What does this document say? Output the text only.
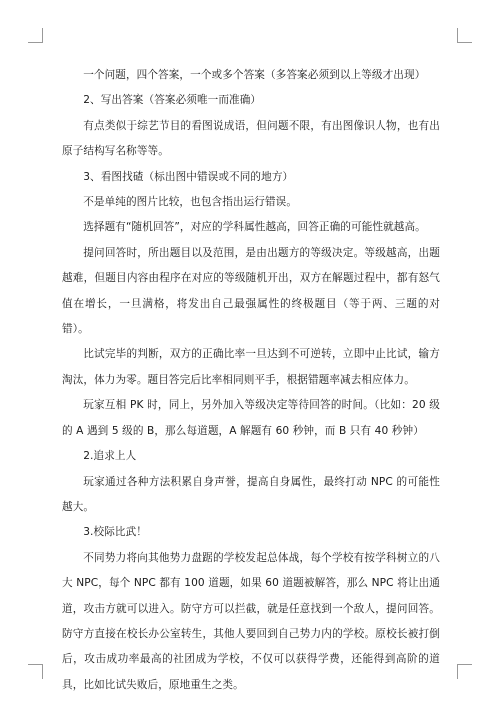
一个问题，四个答案，一个或多个答案（多答案必须到以上等级才出现）

2、写出答案（答案必须唯一而准确）

有点类似于综艺节目的看图说成语，但问题不限，有出图像识人物，也有出原子结构写名称等等。

3、看图找碴（标出图中错误或不同的地方）

不是单纯的图片比较，也包含指出运行错误。

选择题有“随机回答”，对应的学科属性越高，回答正确的可能性就越高。

提问回答时，所出题目以及范围，是由出题方的等级决定。等级越高，出题越难，但题目内容由程序在对应的等级随机开出，双方在解题过程中，都有怒气值在增长，一旦满格，将发出自己最强属性的终极题目（等于两、三题的对错）。

比试完毕的判断，双方的正确比率一旦达到不可逆转，立即中止比试，输方淘汰，体力为零。题目答完后比率相同则平手，根据错题率减去相应体力。

玩家互相 PK 时，同上，另外加入等级决定等待回答的时间。（比如：20 级的 A 遇到 5 级的 B，那么每道题，A 解题有 60 秒钟，而 B 只有 40 秒钟）

2.追求上人

玩家通过各种方法积累自身声誉，提高自身属性，最终打动 NPC 的可能性越大。

3.校际比武！

不同势力将向其他势力盘踞的学校发起总体战，每个学校有按学科树立的八大 NPC，每个 NPC 都有 100 道题，如果 60 道题被解答，那么 NPC 将让出通道，攻击方就可以进入。防守方可以拦截，就是任意找到一个敌人，提问回答。防守方直接在校长办公室转生，其他人要回到自己势力内的学校。原校长被打倒后，攻击成功率最高的社团成为学校，不仅可以获得学费，还能得到高阶的道具，比如比试失败后，原地重生之类。
